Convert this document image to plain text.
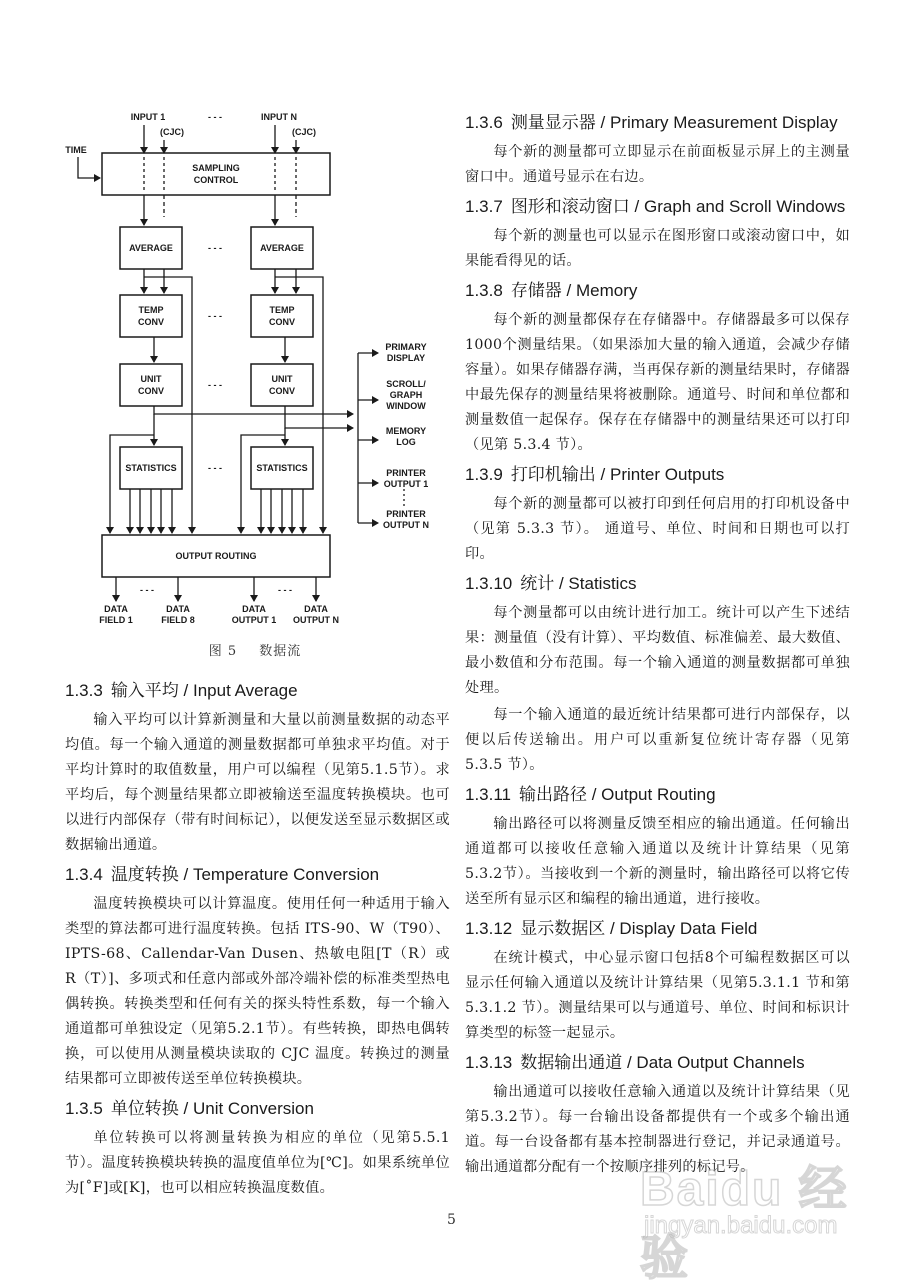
INPUT 1
(CJC)
- - -	INPUT N
(CJC)
TIME
SAMPLING
CONTROL
AVERAGE	- - -	AVERAGE
TEMP
CONV
- - -
TEMP
CONV
UNIT
CONV
- - -
UNIT
CONV
STATISTICS	- - -	STATISTICS
OUTPUT ROUTING
- - -	- - -
DATA
FIELD 1
DATA
FIELD 8
DATA
OUTPUT 1
DATA
OUTPUT N
PRIMARY
DISPLAY
SCROLL/
GRAPH
WINDOW
MEMORY
LOG
PRINTER
OUTPUT 1
PRINTER
OUTPUT N
图 5 数据流
1.3.3 输入平均 / Input Average

输入平均可以计算新测量和大量以前测量数据的动态平均值。每一个输入通道的测量数据都可单独求平均值。对于平均计算时的取值数量，用户可以编程（见第5.1.5节）。求平均后，每个测量结果都立即被输送至温度转换模块。也可以进行内部保存（带有时间标记），以便发送至显示数据区或数据输出通道。

1.3.4 温度转换 / Temperature Conversion

温度转换模块可以计算温度。使用任何一种适用于输入类型的算法都可进行温度转换。包括 ITS-90、W（T90）、IPTS-68、Callendar-Van Dusen、热敏电阻[T（R）或 R（T）]、多项式和任意内部或外部冷端补偿的标准类型热电偶转换。转换类型和任何有关的探头特性系数，每一个输入通道都可单独设定（见第5.2.1节）。有些转换，即热电偶转换，可以使用从测量模块读取的 CJC 温度。转换过的测量结果都可立即被传送至单位转换模块。

1.3.5 单位转换 / Unit Conversion

单位转换可以将测量转换为相应的单位（见第5.5.1节）。温度转换模块转换的温度值单位为[℃]。如果系统单位为[˚F]或[K]，也可以相应转换温度数值。

1.3.6 测量显示器 / Primary Measurement Display

每个新的测量都可立即显示在前面板显示屏上的主测量窗口中。通道号显示在右边。

1.3.7 图形和滚动窗口 / Graph and Scroll Windows

每个新的测量也可以显示在图形窗口或滚动窗口中，如果能看得见的话。

1.3.8 存储器 / Memory

每个新的测量都保存在存储器中。存储器最多可以保存1000个测量结果。（如果添加大量的输入通道，会减少存储容量）。如果存储器存满，当再保存新的测量结果时，存储器中最先保存的测量结果将被删除。通道号、时间和单位都和测量数值一起保存。保存在存储器中的测量结果还可以打印（见第 5.3.4 节）。

1.3.9 打印机输出 / Printer Outputs

每个新的测量都可以被打印到任何启用的打印机设备中（见第 5.3.3 节）。 通道号、单位、时间和日期也可以打印。

1.3.10 统计 / Statistics

每个测量都可以由统计进行加工。统计可以产生下述结果：测量值（没有计算）、平均数值、标准偏差、最大数值、最小数值和分布范围。每一个输入通道的测量数据都可单独处理。

每一个输入通道的最近统计结果都可进行内部保存，以便以后传送输出。用户可以重新复位统计寄存器（见第 5.3.5 节）。

1.3.11 输出路径 / Output Routing

输出路径可以将测量反馈至相应的输出通道。任何输出通道都可以接收任意输入通道以及统计计算结果（见第5.3.2节）。当接收到一个新的测量时，输出路径可以将它传送至所有显示区和编程的输出通道，进行接收。

1.3.12 显示数据区 / Display Data Field

在统计模式，中心显示窗口包括8个可编程数据区可以显示任何输入通道以及统计计算结果（见第5.3.1.1 节和第 5.3.1.2 节）。测量结果可以与通道号、单位、时间和标识计算类型的标签一起显示。

1.3.13 数据输出通道 / Data Output Channels

输出通道可以接收任意输入通道以及统计计算结果（见第5.3.2节）。每一台输出设备都提供有一个或多个输出通道。每一台设备都有基本控制器进行登记，并记录通道号。输出通道都分配有一个按顺序排列的标记号。

5
Baidu 经验
jingyan.baidu.com
